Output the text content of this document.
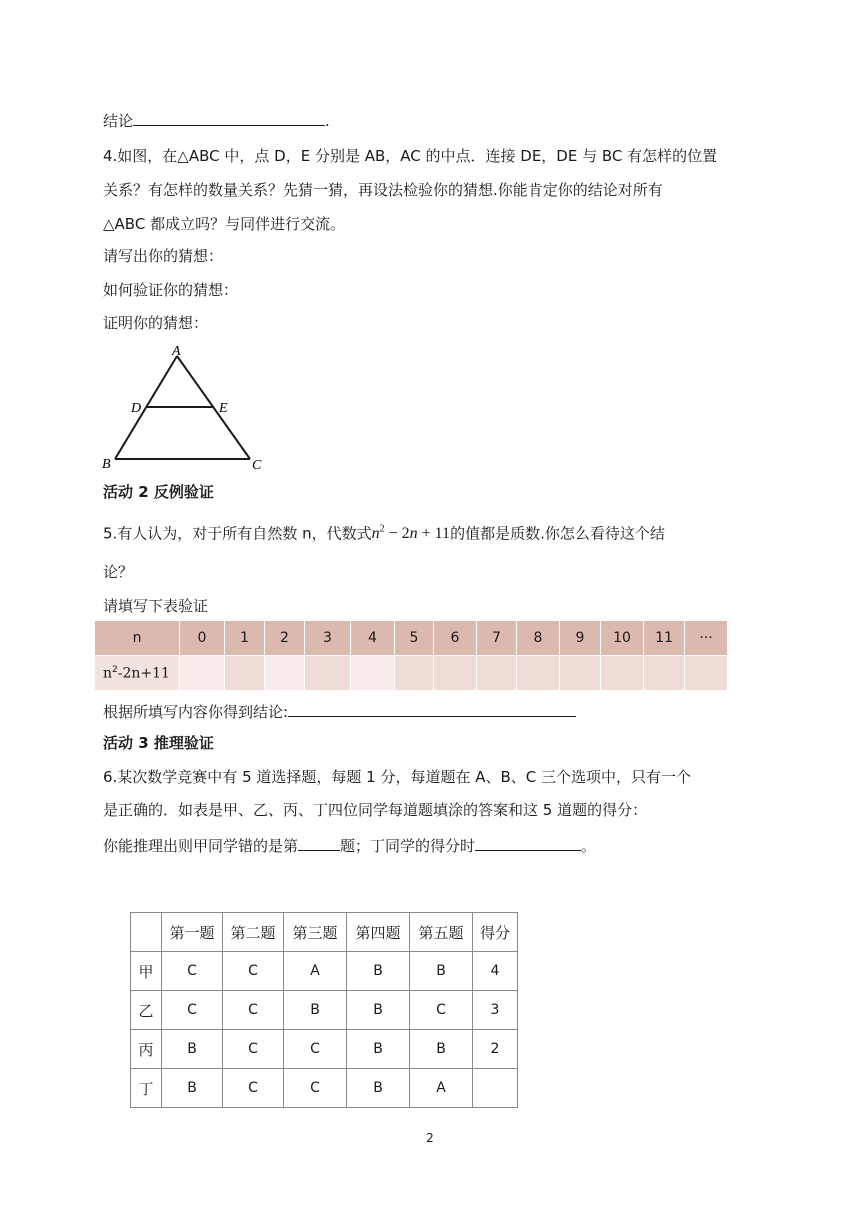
结论	.
4.如图，在△ABC 中，点 D，E 分别是 AB，AC 的中点．连接 DE，DE 与 BC 有怎样的位置
关系？有怎样的数量关系？先猜一猜，再设法检验你的猜想.你能肯定你的结论对所有
△ABC 都成立吗？与同伴进行交流。
请写出你的猜想：
如何验证你的猜想：
证明你的猜想：
A
D	E
B	C
活动 2 反例验证
5.有人认为，对于所有自然数 n，代数式$n^2 - 2n + 11$的值都是质数.你怎么看待这个结
论？
请填写下表验证
n	0	1	2	3	4	5	6	7	8	9	10	11	···
$n^2-2n+11$													
根据所填写内容你得到结论:
活动 3 推理验证
6.某次数学竞赛中有 5 道选择题，每题 1 分，每道题在 A、B、C 三个选项中，只有一个
是正确的．如表是甲、乙、丙、丁四位同学每道题填涂的答案和这 5 道题的得分：
你能推理出则甲同学错的是第	题；丁同学的得分时	。
	第一题	第二题	第三题	第四题	第五题	得分
甲	C	C	A	B	B	4
乙	C	C	B	B	C	3
丙	B	C	C	B	B	2
丁	B	C	C	B	A	
2
